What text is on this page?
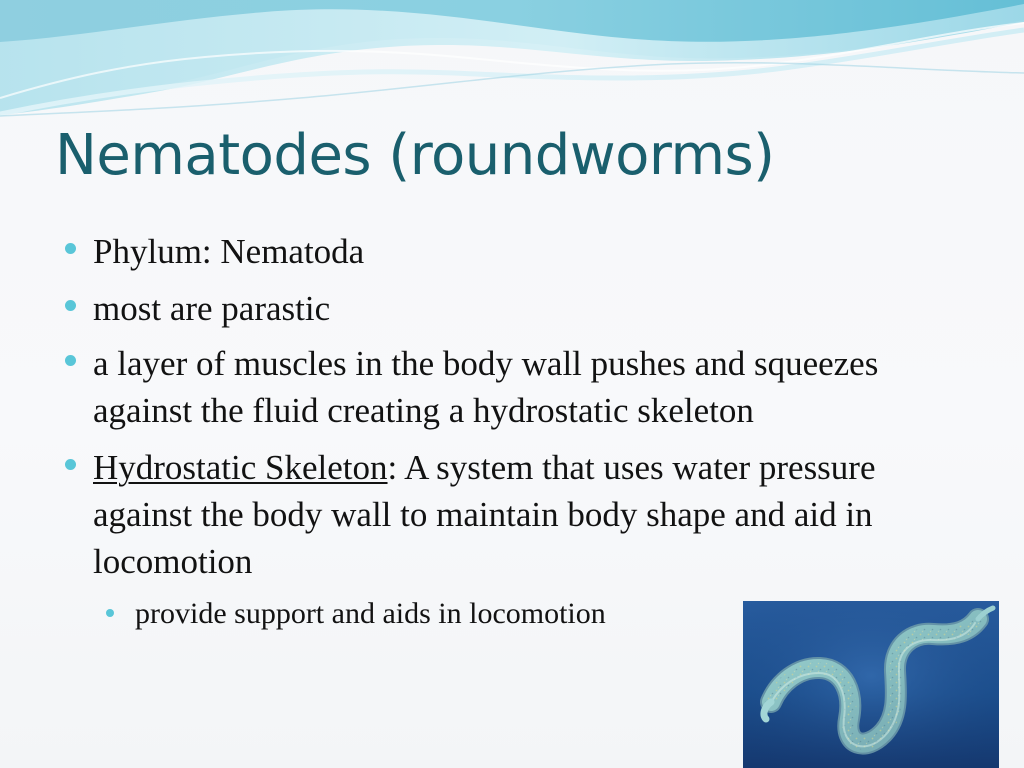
Nematodes (roundworms)
Phylum: Nematoda
most are parastic
a layer of muscles in the body wall pushes and squeezes against the fluid creating a hydrostatic skeleton
Hydrostatic Skeleton: A system that uses water pressure against the body wall to maintain body shape and aid in locomotion
provide support and aids in locomotion
